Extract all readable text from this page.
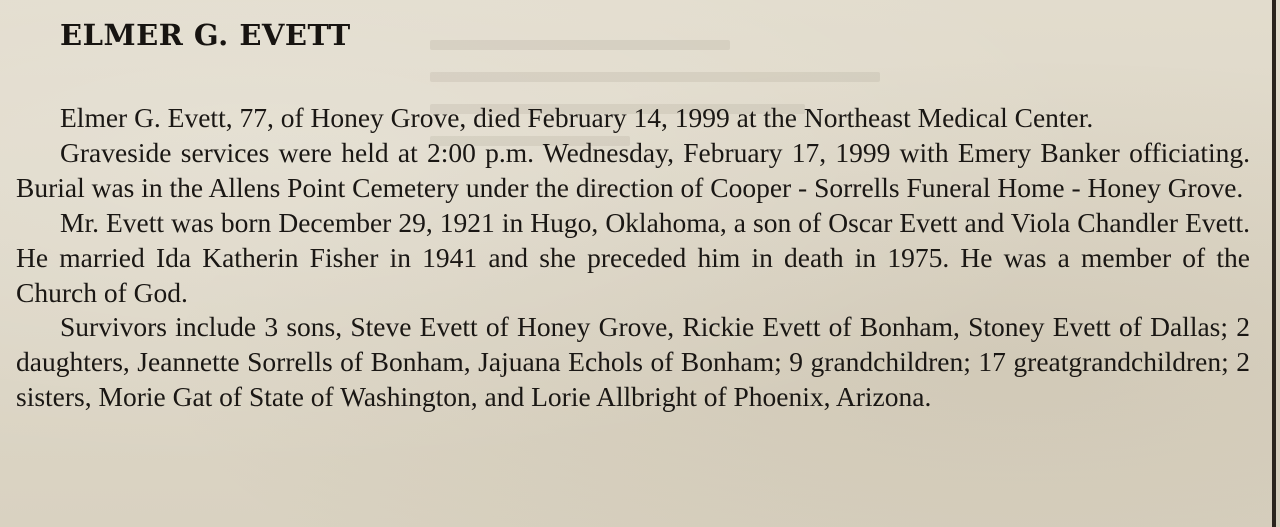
ELMER G. EVETT

Elmer G. Evett, 77, of Honey Grove, died February 14, 1999 at the Northeast Medical Center.

Graveside services were held at 2:00 p.m. Wednesday, February 17, 1999 with Emery Banker officiating. Burial was in the Allens Point Cemetery under the direction of Cooper - Sorrells Funeral Home - Honey Grove.

Mr. Evett was born December 29, 1921 in Hugo, Oklahoma, a son of Oscar Evett and Viola Chandler Evett. He married Ida Katherin Fisher in 1941 and she preceded him in death in 1975. He was a member of the Church of God.

Survivors include 3 sons, Steve Evett of Honey Grove, Rickie Evett of Bonham, Stoney Evett of Dallas; 2 daughters, Jeannette Sorrells of Bonham, Jajuana Echols of Bonham; 9 grandchildren; 17 greatgrandchildren; 2 sisters, Morie Gat of State of Washington, and Lorie Allbright of Phoenix, Arizona.
